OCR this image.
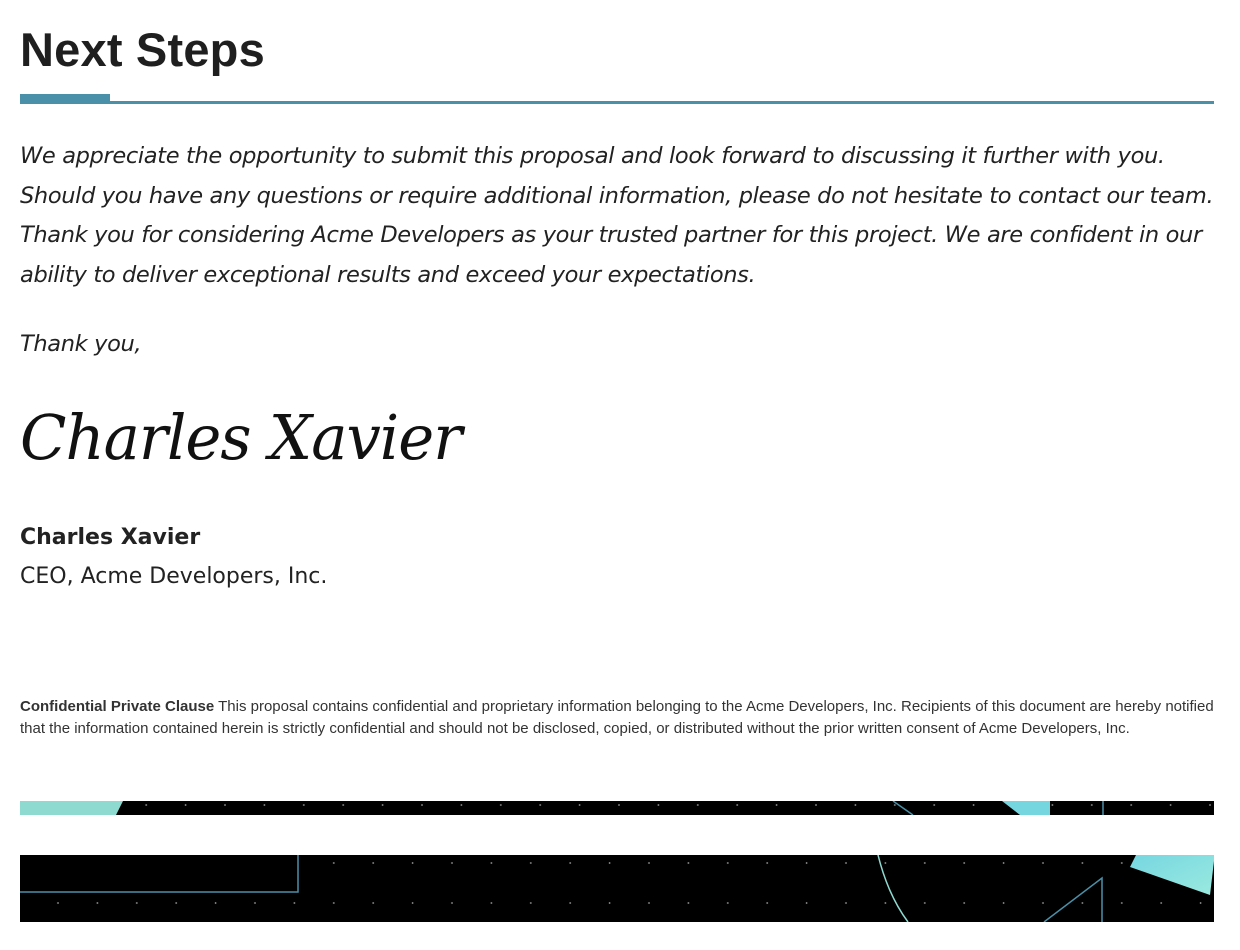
Next Steps

We appreciate the opportunity to submit this proposal and look forward to discussing it further with you. Should you have any questions or require additional information, please do not hesitate to contact our team. Thank you for considering Acme Developers as your trusted partner for this project. We are confident in our ability to deliver exceptional results and exceed your expectations.

Thank you,

Charles Xavier
Charles Xavier
CEO, Acme Developers, Inc.

Confidential Private Clause This proposal contains confidential and proprietary information belonging to the Acme Developers, Inc. Recipients of this document are hereby notified that the information contained herein is strictly confidential and should not be disclosed, copied, or distributed without the prior written consent of Acme Developers, Inc.
